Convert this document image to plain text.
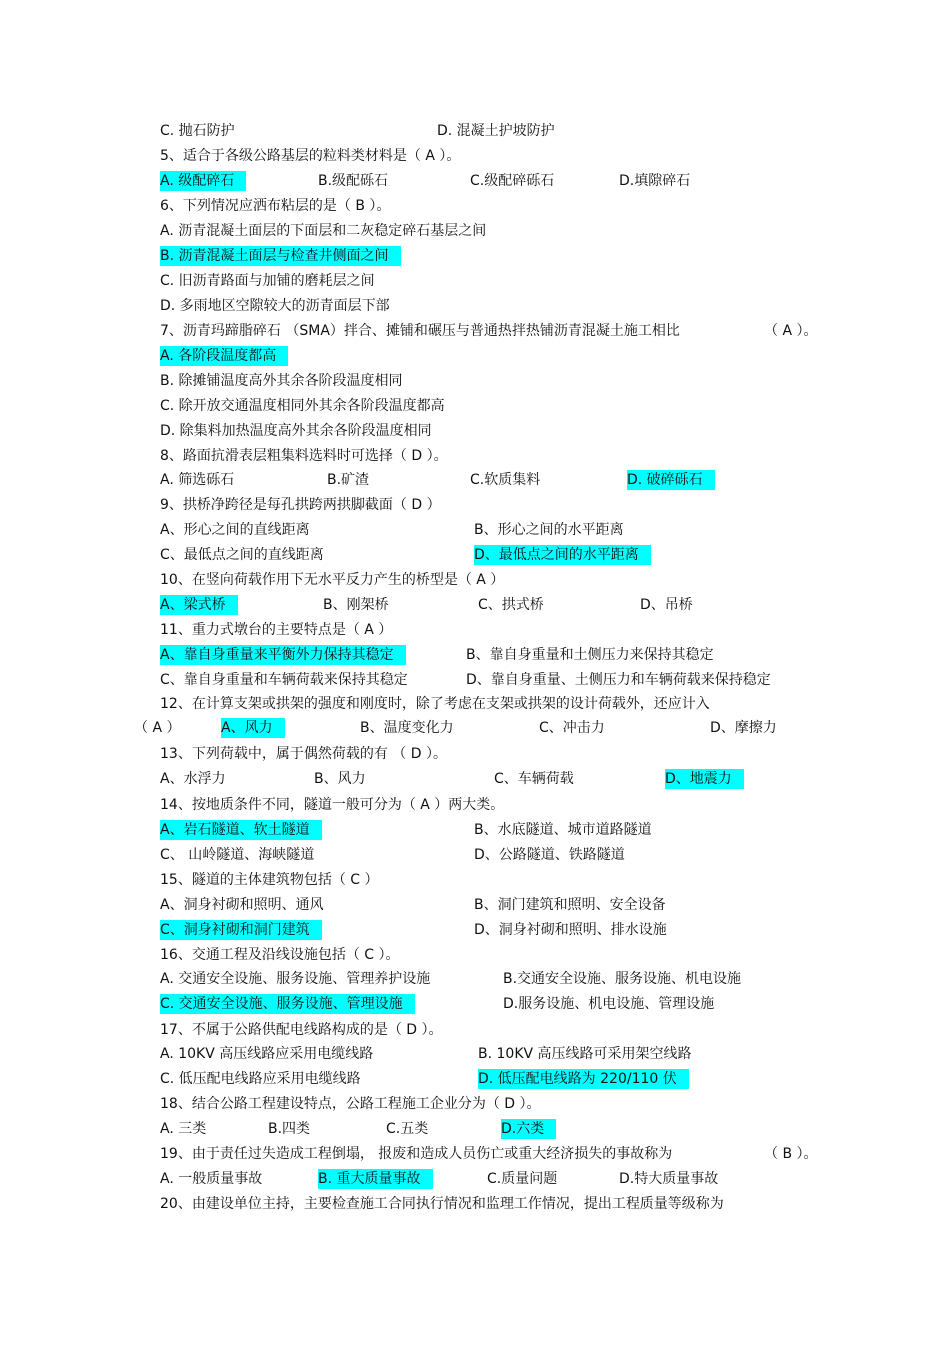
C. 抛石防护	D. 混凝土护坡防护
5、适合于各级公路基层的粒料类材料是（ A ）。
A. 级配碎石	B.级配砾石	C.级配碎砾石	D.填隙碎石
6、下列情况应洒布粘层的是（ B ）。
A. 沥青混凝土面层的下面层和二灰稳定碎石基层之间
B. 沥青混凝土面层与检查井侧面之间
C. 旧沥青路面与加铺的磨耗层之间
D. 多雨地区空隙较大的沥青面层下部
7、沥青玛蹄脂碎石 （SMA）拌合、摊铺和碾压与普通热拌热铺沥青混凝土施工相比	（ A ）。
A. 各阶段温度都高
B. 除摊铺温度高外其余各阶段温度相同
C. 除开放交通温度相同外其余各阶段温度都高
D. 除集料加热温度高外其余各阶段温度相同
8、路面抗滑表层粗集料选料时可选择（ D ）。
A. 筛选砾石	B.矿渣	C.软质集料	D. 破碎砾石
9、拱桥净跨径是每孔拱跨两拱脚截面（ D ）
A、形心之间的直线距离	B、形心之间的水平距离
C、最低点之间的直线距离	D、最低点之间的水平距离
10、在竖向荷载作用下无水平反力产生的桥型是（ A ）
A、梁式桥	B、刚架桥	C、拱式桥	D、吊桥
11、重力式墩台的主要特点是（ A ）
A、靠自身重量来平衡外力保持其稳定	B、靠自身重量和土侧压力来保持其稳定
C、靠自身重量和车辆荷载来保持其稳定	D、靠自身重量、土侧压力和车辆荷载来保持稳定
12、在计算支架或拱架的强度和刚度时，除了考虑在支架或拱架的设计荷载外，还应计入
（ A ）	A、风力	B、温度变化力	C、冲击力	D、摩擦力
13、下列荷载中，属于偶然荷载的有 （ D ）。
A、水浮力	B、风力	C、车辆荷载	D、地震力
14、按地质条件不同，隧道一般可分为（ A ）两大类。
A、岩石隧道、软土隧道	B、水底隧道、城市道路隧道
C、 山岭隧道、海峡隧道	D、公路隧道、铁路隧道
15、隧道的主体建筑物包括（ C ）
A、洞身衬砌和照明、通风	B、洞门建筑和照明、安全设备
C、洞身衬砌和洞门建筑	D、洞身衬砌和照明、排水设施
16、交通工程及沿线设施包括（ C ）。
A. 交通安全设施、服务设施、管理养护设施	B.交通安全设施、服务设施、机电设施
C. 交通安全设施、服务设施、管理设施	D.服务设施、机电设施、管理设施
17、不属于公路供配电线路构成的是（ D ）。
A. 10KV 高压线路应采用电缆线路	B. 10KV 高压线路可采用架空线路
C. 低压配电线路应采用电缆线路	D. 低压配电线路为 220/110 伏
18、结合公路工程建设特点，公路工程施工企业分为（ D ）。
A. 三类	B.四类	C.五类	D.六类
19、由于责任过失造成工程倒塌， 报废和造成人员伤亡或重大经济损失的事故称为	（ B ）。
A. 一般质量事故	B. 重大质量事故	C.质量问题	D.特大质量事故
20、由建设单位主持，主要检查施工合同执行情况和监理工作情况，提出工程质量等级称为
